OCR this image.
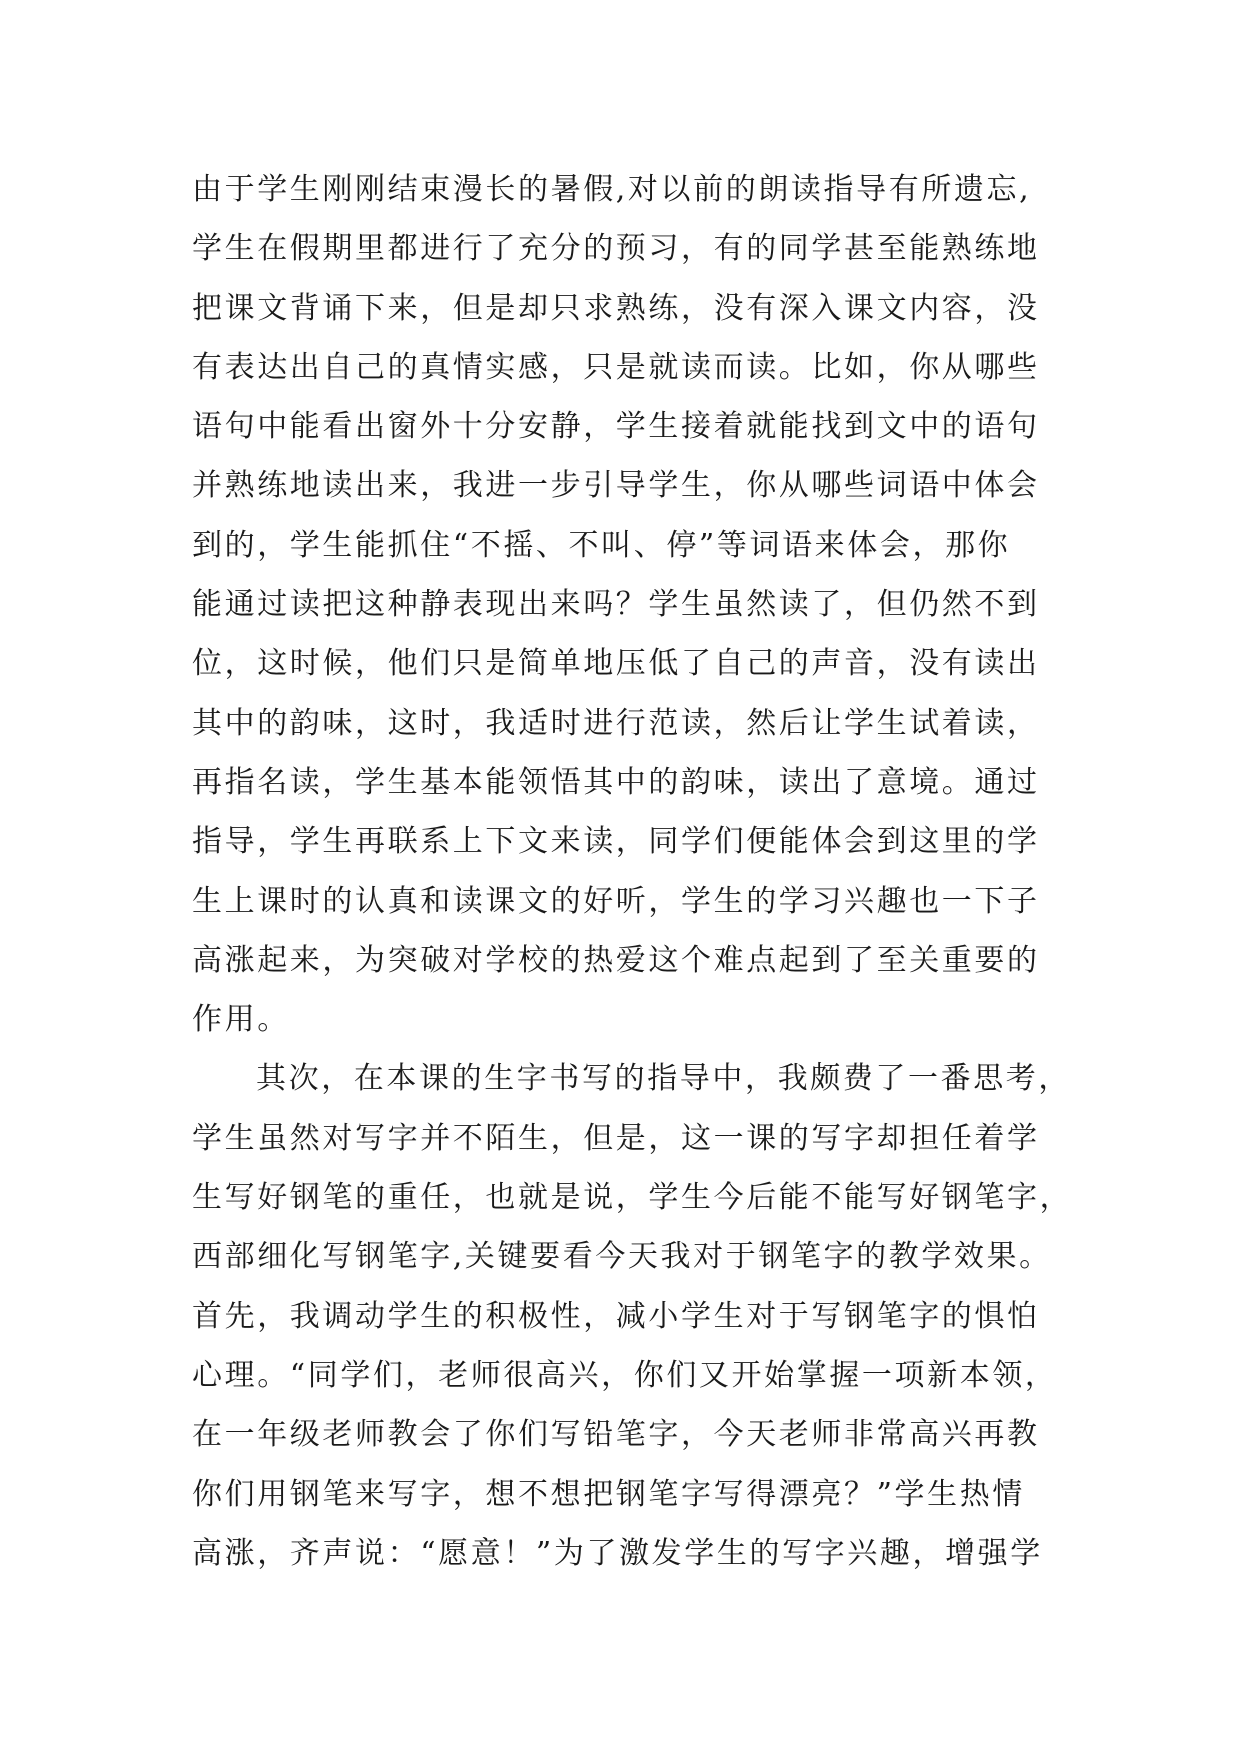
由于学生刚刚结束漫长的暑假,对以前的朗读指导有所遗忘,
学生在假期里都进行了充分的预习，有的同学甚至能熟练地
把课文背诵下来，但是却只求熟练，没有深入课文内容，没
有表达出自己的真情实感，只是就读而读。比如，你从哪些
语句中能看出窗外十分安静，学生接着就能找到文中的语句
并熟练地读出来，我进一步引导学生，你从哪些词语中体会
到的，学生能抓住“不摇、不叫、停”等词语来体会，那你
能通过读把这种静表现出来吗？学生虽然读了，但仍然不到
位，这时候，他们只是简单地压低了自己的声音，没有读出
其中的韵味，这时，我适时进行范读，然后让学生试着读，
再指名读，学生基本能领悟其中的韵味，读出了意境。通过
指导，学生再联系上下文来读，同学们便能体会到这里的学
生上课时的认真和读课文的好听，学生的学习兴趣也一下子
高涨起来，为突破对学校的热爱这个难点起到了至关重要的
作用。
其次，在本课的生字书写的指导中，我颇费了一番思考，
学生虽然对写字并不陌生，但是，这一课的写字却担任着学
生写好钢笔的重任，也就是说，学生今后能不能写好钢笔字，
西部细化写钢笔字,关键要看今天我对于钢笔字的教学效果。
首先，我调动学生的积极性，减小学生对于写钢笔字的惧怕
心理。“同学们，老师很高兴，你们又开始掌握一项新本领，
在一年级老师教会了你们写铅笔字，今天老师非常高兴再教
你们用钢笔来写字，想不想把钢笔字写得漂亮？”学生热情
高涨，齐声说：“愿意！”为了激发学生的写字兴趣，增强学
